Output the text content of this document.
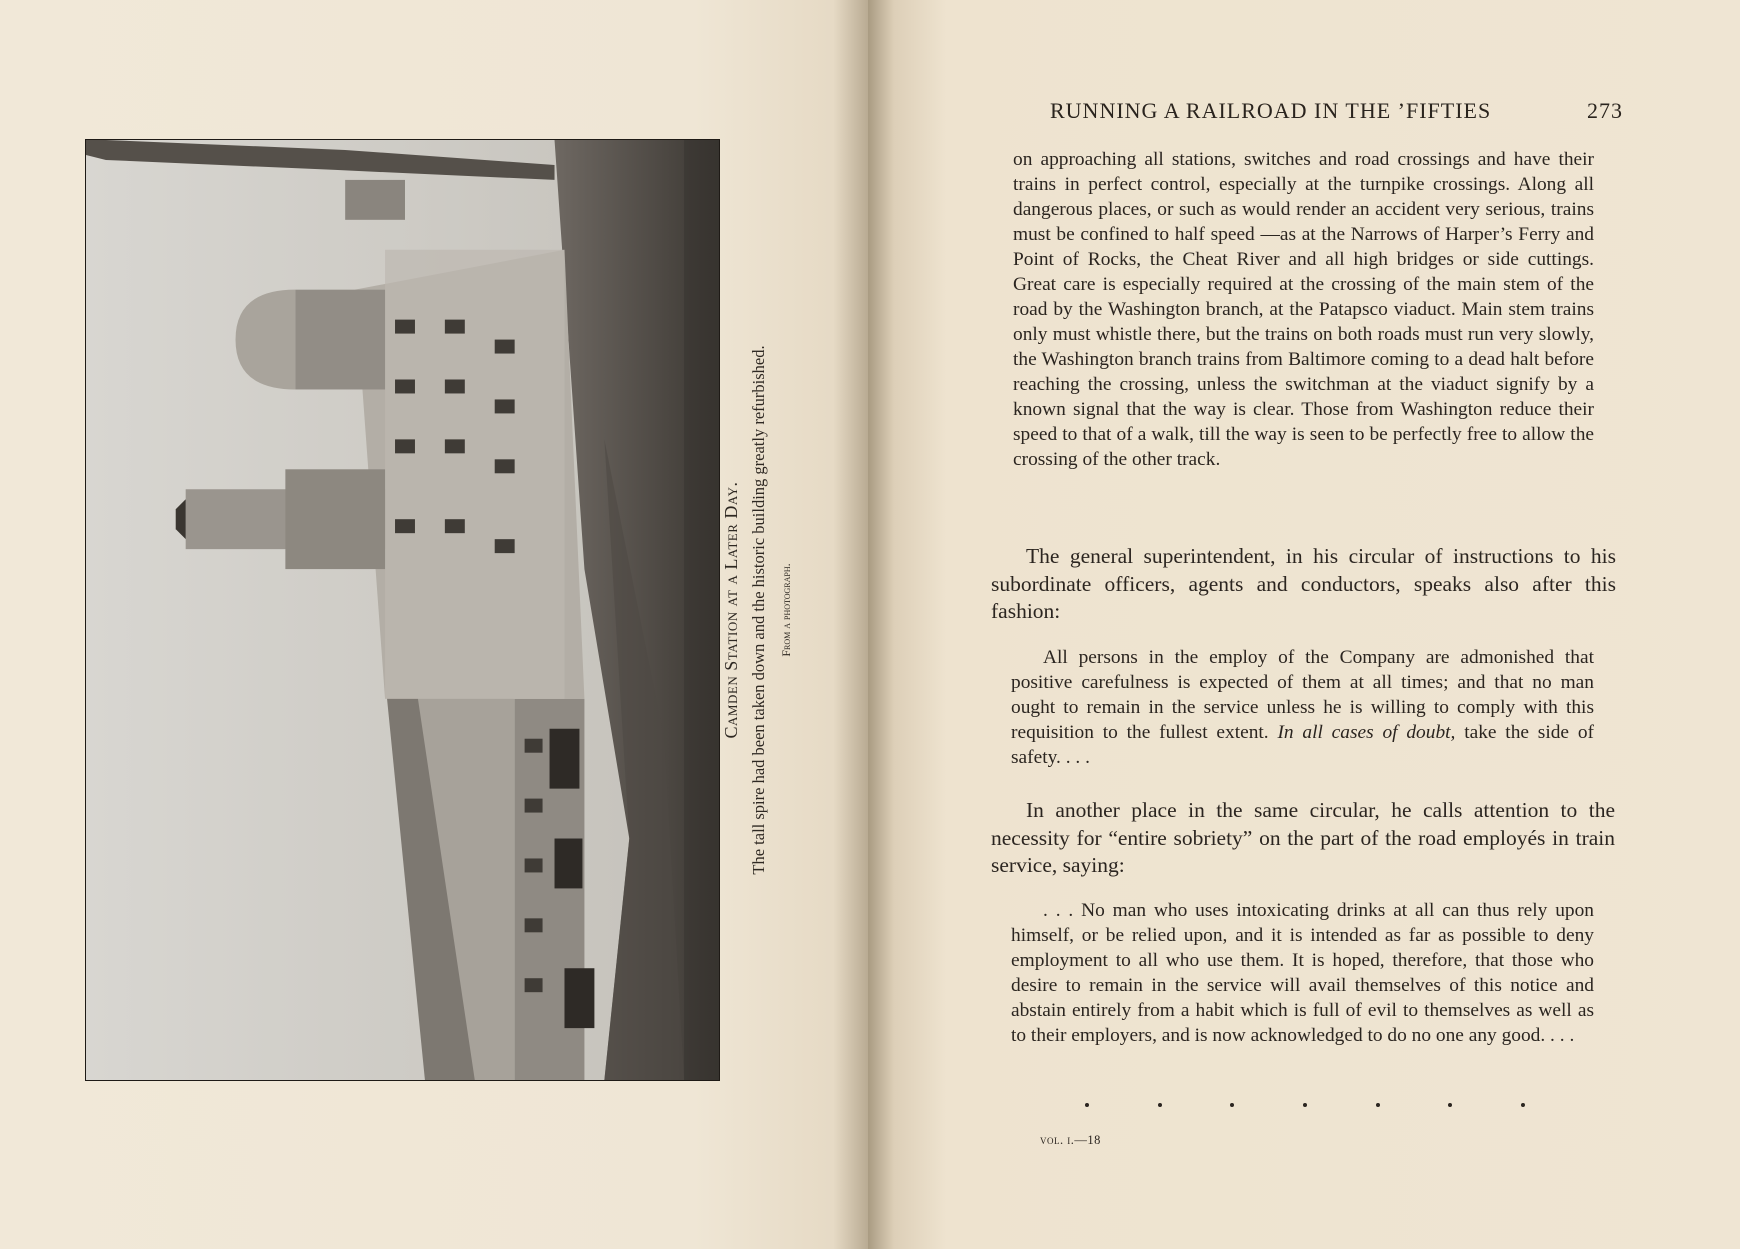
Camden Station at a Later Day. The tall spire had been taken down and the historic building greatly refurbished. From a photograph.
RUNNING A RAILROAD IN THE ’FIFTIES	273
on approaching all stations, switches and road crossings and have their trains in perfect control, especially at the turnpike crossings. Along all dangerous places, or such as would render an accident very serious, trains must be confined to half speed —as at the Narrows of Harper’s Ferry and Point of Rocks, the Cheat River and all high bridges or side cuttings. Great care is especially required at the crossing of the main stem of the road by the Washington branch, at the Patapsco viaduct. Main stem trains only must whistle there, but the trains on both roads must run very slowly, the Washington branch trains from Baltimore coming to a dead halt before reaching the crossing, unless the switchman at the viaduct signify by a known signal that the way is clear. Those from Washington reduce their speed to that of a walk, till the way is seen to be perfectly free to allow the crossing of the other track.
The general superintendent, in his circular of instructions to his subordinate officers, agents and conductors, speaks also after this fashion:
All persons in the employ of the Company are admonished that positive carefulness is expected of them at all times; and that no man ought to remain in the service unless he is willing to comply with this requisition to the fullest extent. In all cases of doubt, take the side of safety. . . .
In another place in the same circular, he calls attention to the necessity for “entire sobriety” on the part of the road employés in train service, saying:
. . . No man who uses intoxicating drinks at all can thus rely upon himself, or be relied upon, and it is intended as far as possible to deny employment to all who use them. It is hoped, therefore, that those who desire to remain in the service will avail themselves of this notice and abstain entirely from a habit which is full of evil to themselves as well as to their employers, and is now acknowledged to do no one any good. . . .
vol. i.—18
